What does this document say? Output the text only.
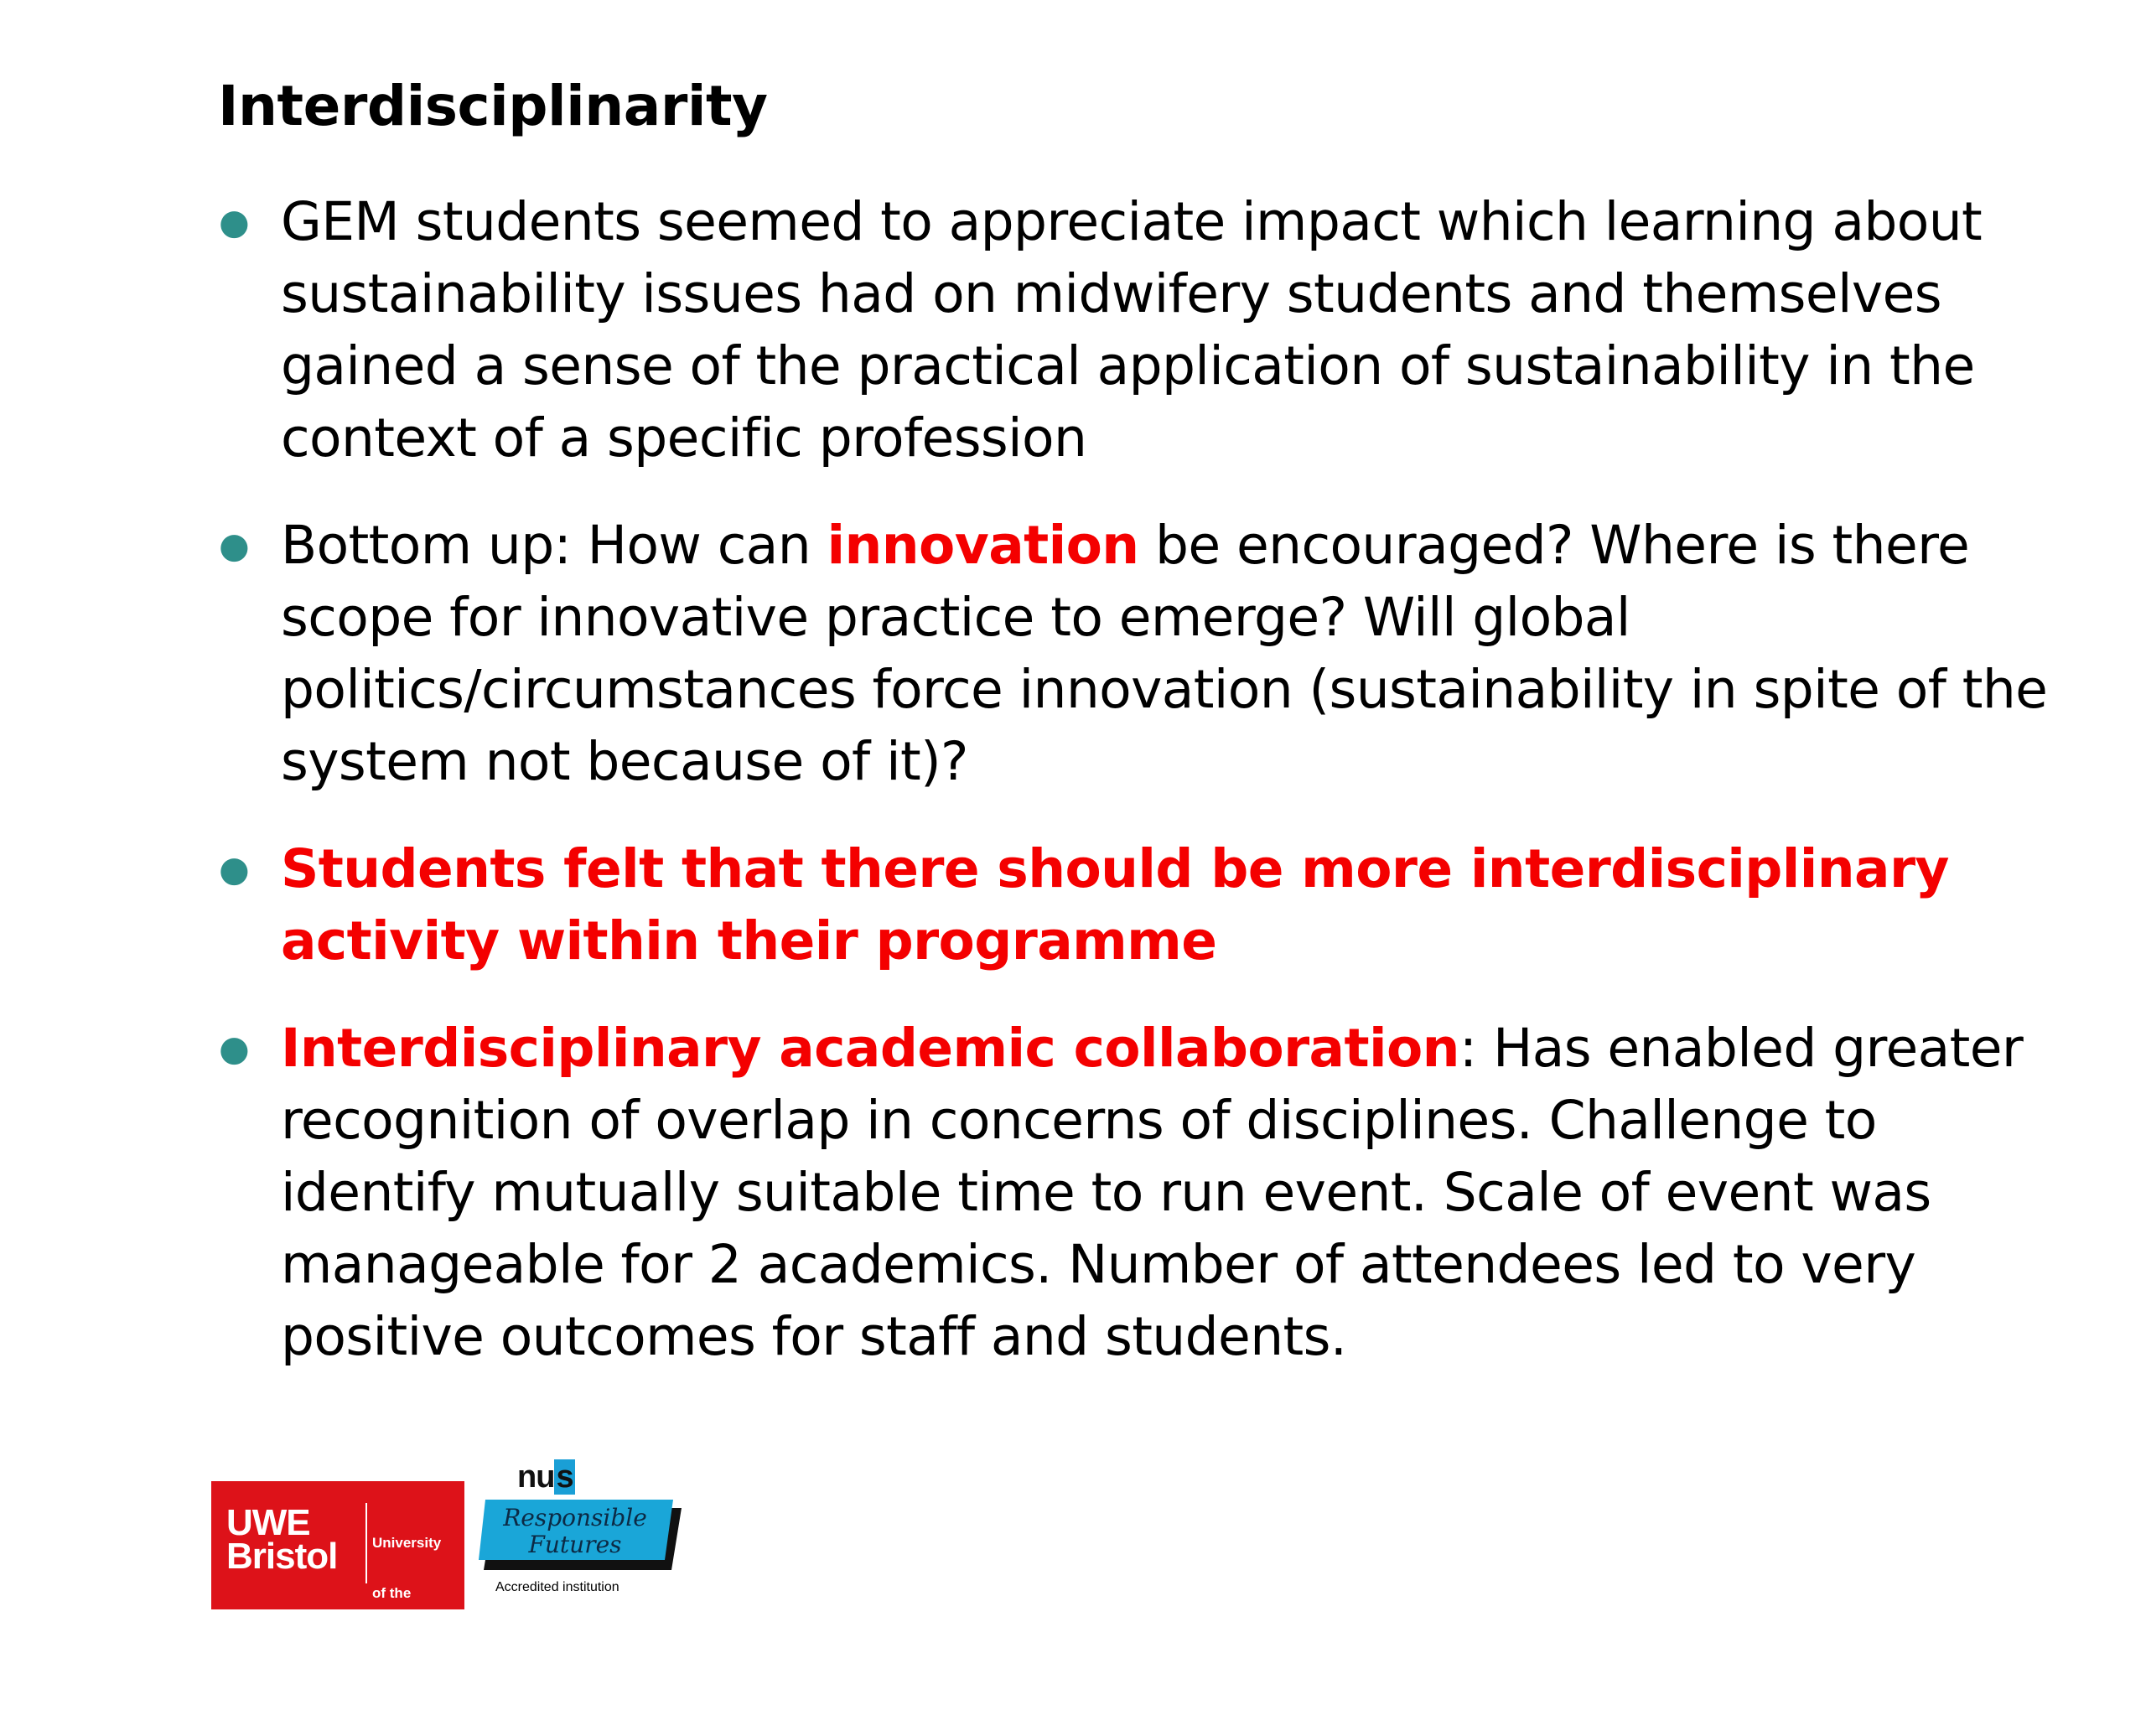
Interdisciplinarity
● GEM students seemed to appreciate impact which learning about sustainability issues had on midwifery students and themselves gained a sense of the practical application of sustainability in the context of a specific profession
● Bottom up: How can innovation be encouraged? Where is there scope for innovative practice to emerge? Will global politics/circumstances force innovation (sustainability in spite of the system not because of it)?
● Students felt that there should be more interdisciplinary activity within their programme
● Interdisciplinary academic collaboration: Has enabled greater recognition of overlap in concerns of disciplines. Challenge to identify mutually suitable time to run event. Scale of event was manageable for 2 academics. Number of attendees led to very positive outcomes for staff and students.
UWE
Bristol

University

of the

West of

England

nus
Responsible
Futures
Accredited institution
